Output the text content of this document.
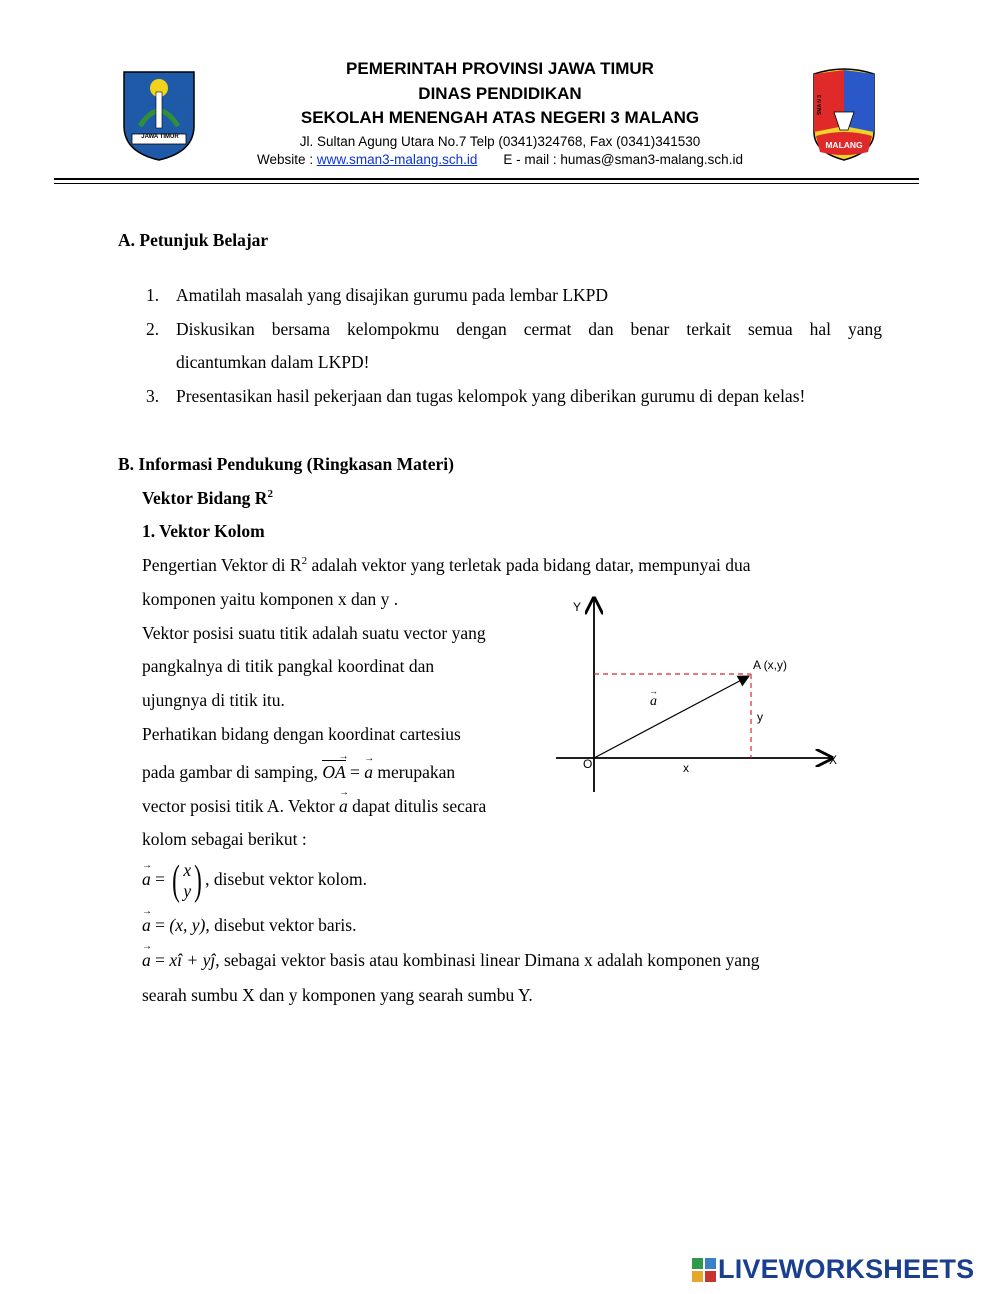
JAWA TIMUR
SMA N 3
MALANG
PEMERINTAH PROVINSI JAWA TIMUR
DINAS PENDIDIKAN
SEKOLAH MENENGAH ATAS NEGERI 3 MALANG
Jl. Sultan Agung Utara No.7 Telp (0341)324768, Fax (0341)341530
Website : www.sman3-malang.sch.id E - mail : humas@sman3-malang.sch.id
A. Petunjuk Belajar
1. Amatilah masalah yang disajikan gurumu pada lembar LKPD
2. Diskusikan bersama kelompokmu dengan cermat dan benar terkait semua hal yang
dicantumkan dalam LKPD!
3. Presentasikan hasil pekerjaan dan tugas kelompok yang diberikan gurumu di depan kelas!
B. Informasi Pendukung (Ringkasan Materi)
Vektor Bidang $R^2$
1. Vektor Kolom
Pengertian Vektor di $R^2$ adalah vektor yang terletak pada bidang datar, mempunyai dua
komponen yaitu komponen x dan y .
Vektor posisi suatu titik adalah suatu vector yang
pangkalnya di titik pangkal koordinat dan
ujungnya di titik itu.
Perhatikan bidang dengan koordinat cartesius
pada gambar di samping, OA → = → a merupakan
vector posisi titik A. Vektor → a dapat ditulis secara
kolom sebagai berikut :
→ a = ( x
y) , disebut vektor kolom.
→ a = (x, y), disebut vektor baris.
→ a = xî + yĵ, sebagai vektor basis atau kombinasi linear Dimana x adalah komponen yang
searah sumbu X dan y komponen yang searah sumbu Y.
Y
X
O
A (x,y)
a
→
y
x
LIVEWORKSHEETS
